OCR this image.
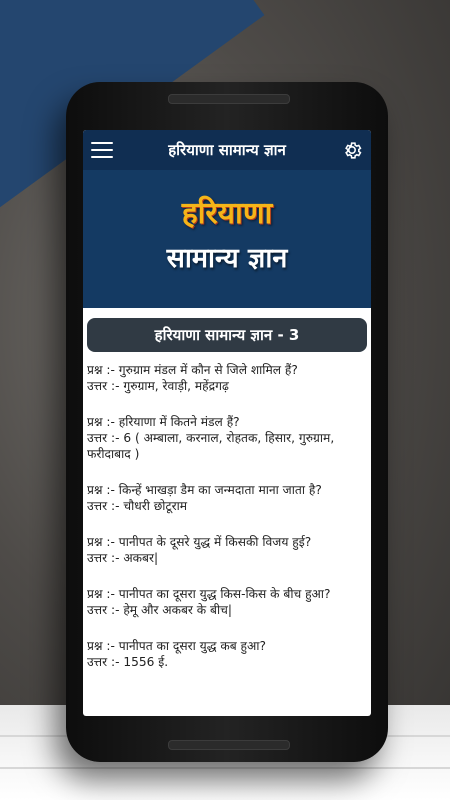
हरियाणा सामान्य ज्ञान
हरियाणा
सामान्य ज्ञान
हरियाणा सामान्य ज्ञान - 3
प्रश्न :- गुरुग्राम मंडल में कौन से जिले शामिल हैं?
उत्तर :- गुरुग्राम, रेवाड़ी, महेंद्रगढ़
प्रश्न :- हरियाणा में कितने मंडल हैं?
उत्तर :- 6 ( अम्बाला, करनाल, रोहतक, हिसार, गुरुग्राम, फरीदाबाद )
प्रश्न :- किन्हें भाखड़ा डैम का जन्मदाता माना जाता है?
उत्तर :- चौधरी छोटूराम
प्रश्न :- पानीपत के दूसरे युद्ध में किसकी विजय हुई?
उत्तर :- अकबर|
प्रश्न :- पानीपत का दूसरा युद्ध किस-किस के बीच हुआ?
उत्तर :- हेमू और अकबर के बीच|
प्रश्न :- पानीपत का दूसरा युद्ध कब हुआ?
उत्तर :- 1556 ई.
